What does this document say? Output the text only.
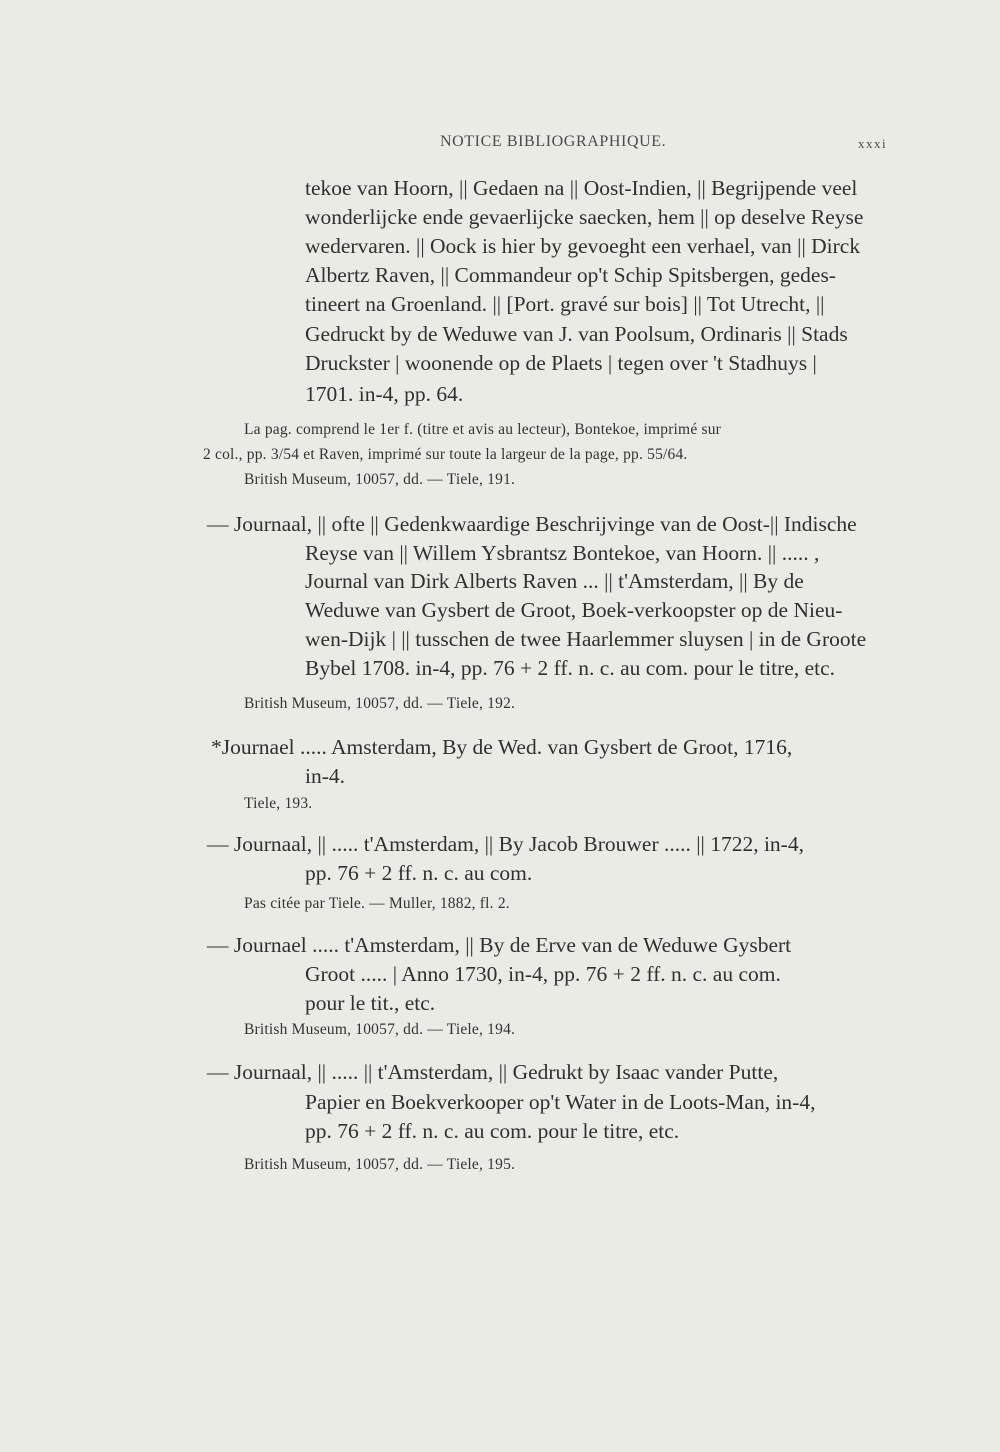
NOTICE BIBLIOGRAPHIQUE.	xxxi
tekoe van Hoorn, || Gedaen na || Oost-Indien, || Begrijpende veel
wonderlijcke ende gevaerlijcke saecken, hem || op deselve Reyse
wedervaren. || Oock is hier by gevoeght een verhael, van || Dirck
Albertz Raven, || Commandeur op't Schip Spitsbergen, gedes-
tineert na Groenland. || [Port. gravé sur bois] || Tot Utrecht, ||
Gedruckt by de Weduwe van J. van Poolsum, Ordinaris || Stads
Druckster | woonende op de Plaets | tegen over 't Stadhuys |
1701. in-4, pp. 64.
La pag. comprend le 1er f. (titre et avis au lecteur), Bontekoe, imprimé sur
2 col., pp. 3/54 et Raven, imprimé sur toute la largeur de la page, pp. 55/64.
British Museum, 10057, dd. — Tiele, 191.
— Journaal, || ofte || Gedenkwaardige Beschrijvinge van de Oost-|| Indische
Reyse van || Willem Ysbrantsz Bontekoe, van Hoorn. || ..... ,
Journal van Dirk Alberts Raven ... || t'Amsterdam, || By de
Weduwe van Gysbert de Groot, Boek-verkoopster op de Nieu-
wen-Dijk | || tusschen de twee Haarlemmer sluysen | in de Groote
Bybel 1708. in-4, pp. 76 + 2 ff. n. c. au com. pour le titre, etc.
British Museum, 10057, dd. — Tiele, 192.
*Journael ..... Amsterdam, By de Wed. van Gysbert de Groot, 1716,
in-4.
Tiele, 193.
— Journaal, || ..... t'Amsterdam, || By Jacob Brouwer ..... || 1722, in-4,
pp. 76 + 2 ff. n. c. au com.
Pas citée par Tiele. — Muller, 1882, fl. 2.
— Journael ..... t'Amsterdam, || By de Erve van de Weduwe Gysbert
Groot ..... | Anno 1730, in-4, pp. 76 + 2 ff. n. c. au com.
pour le tit., etc.
British Museum, 10057, dd. — Tiele, 194.
— Journaal, || ..... || t'Amsterdam, || Gedrukt by Isaac vander Putte,
Papier en Boekverkooper op't Water in de Loots-Man, in-4,
pp. 76 + 2 ff. n. c. au com. pour le titre, etc.
British Museum, 10057, dd. — Tiele, 195.
